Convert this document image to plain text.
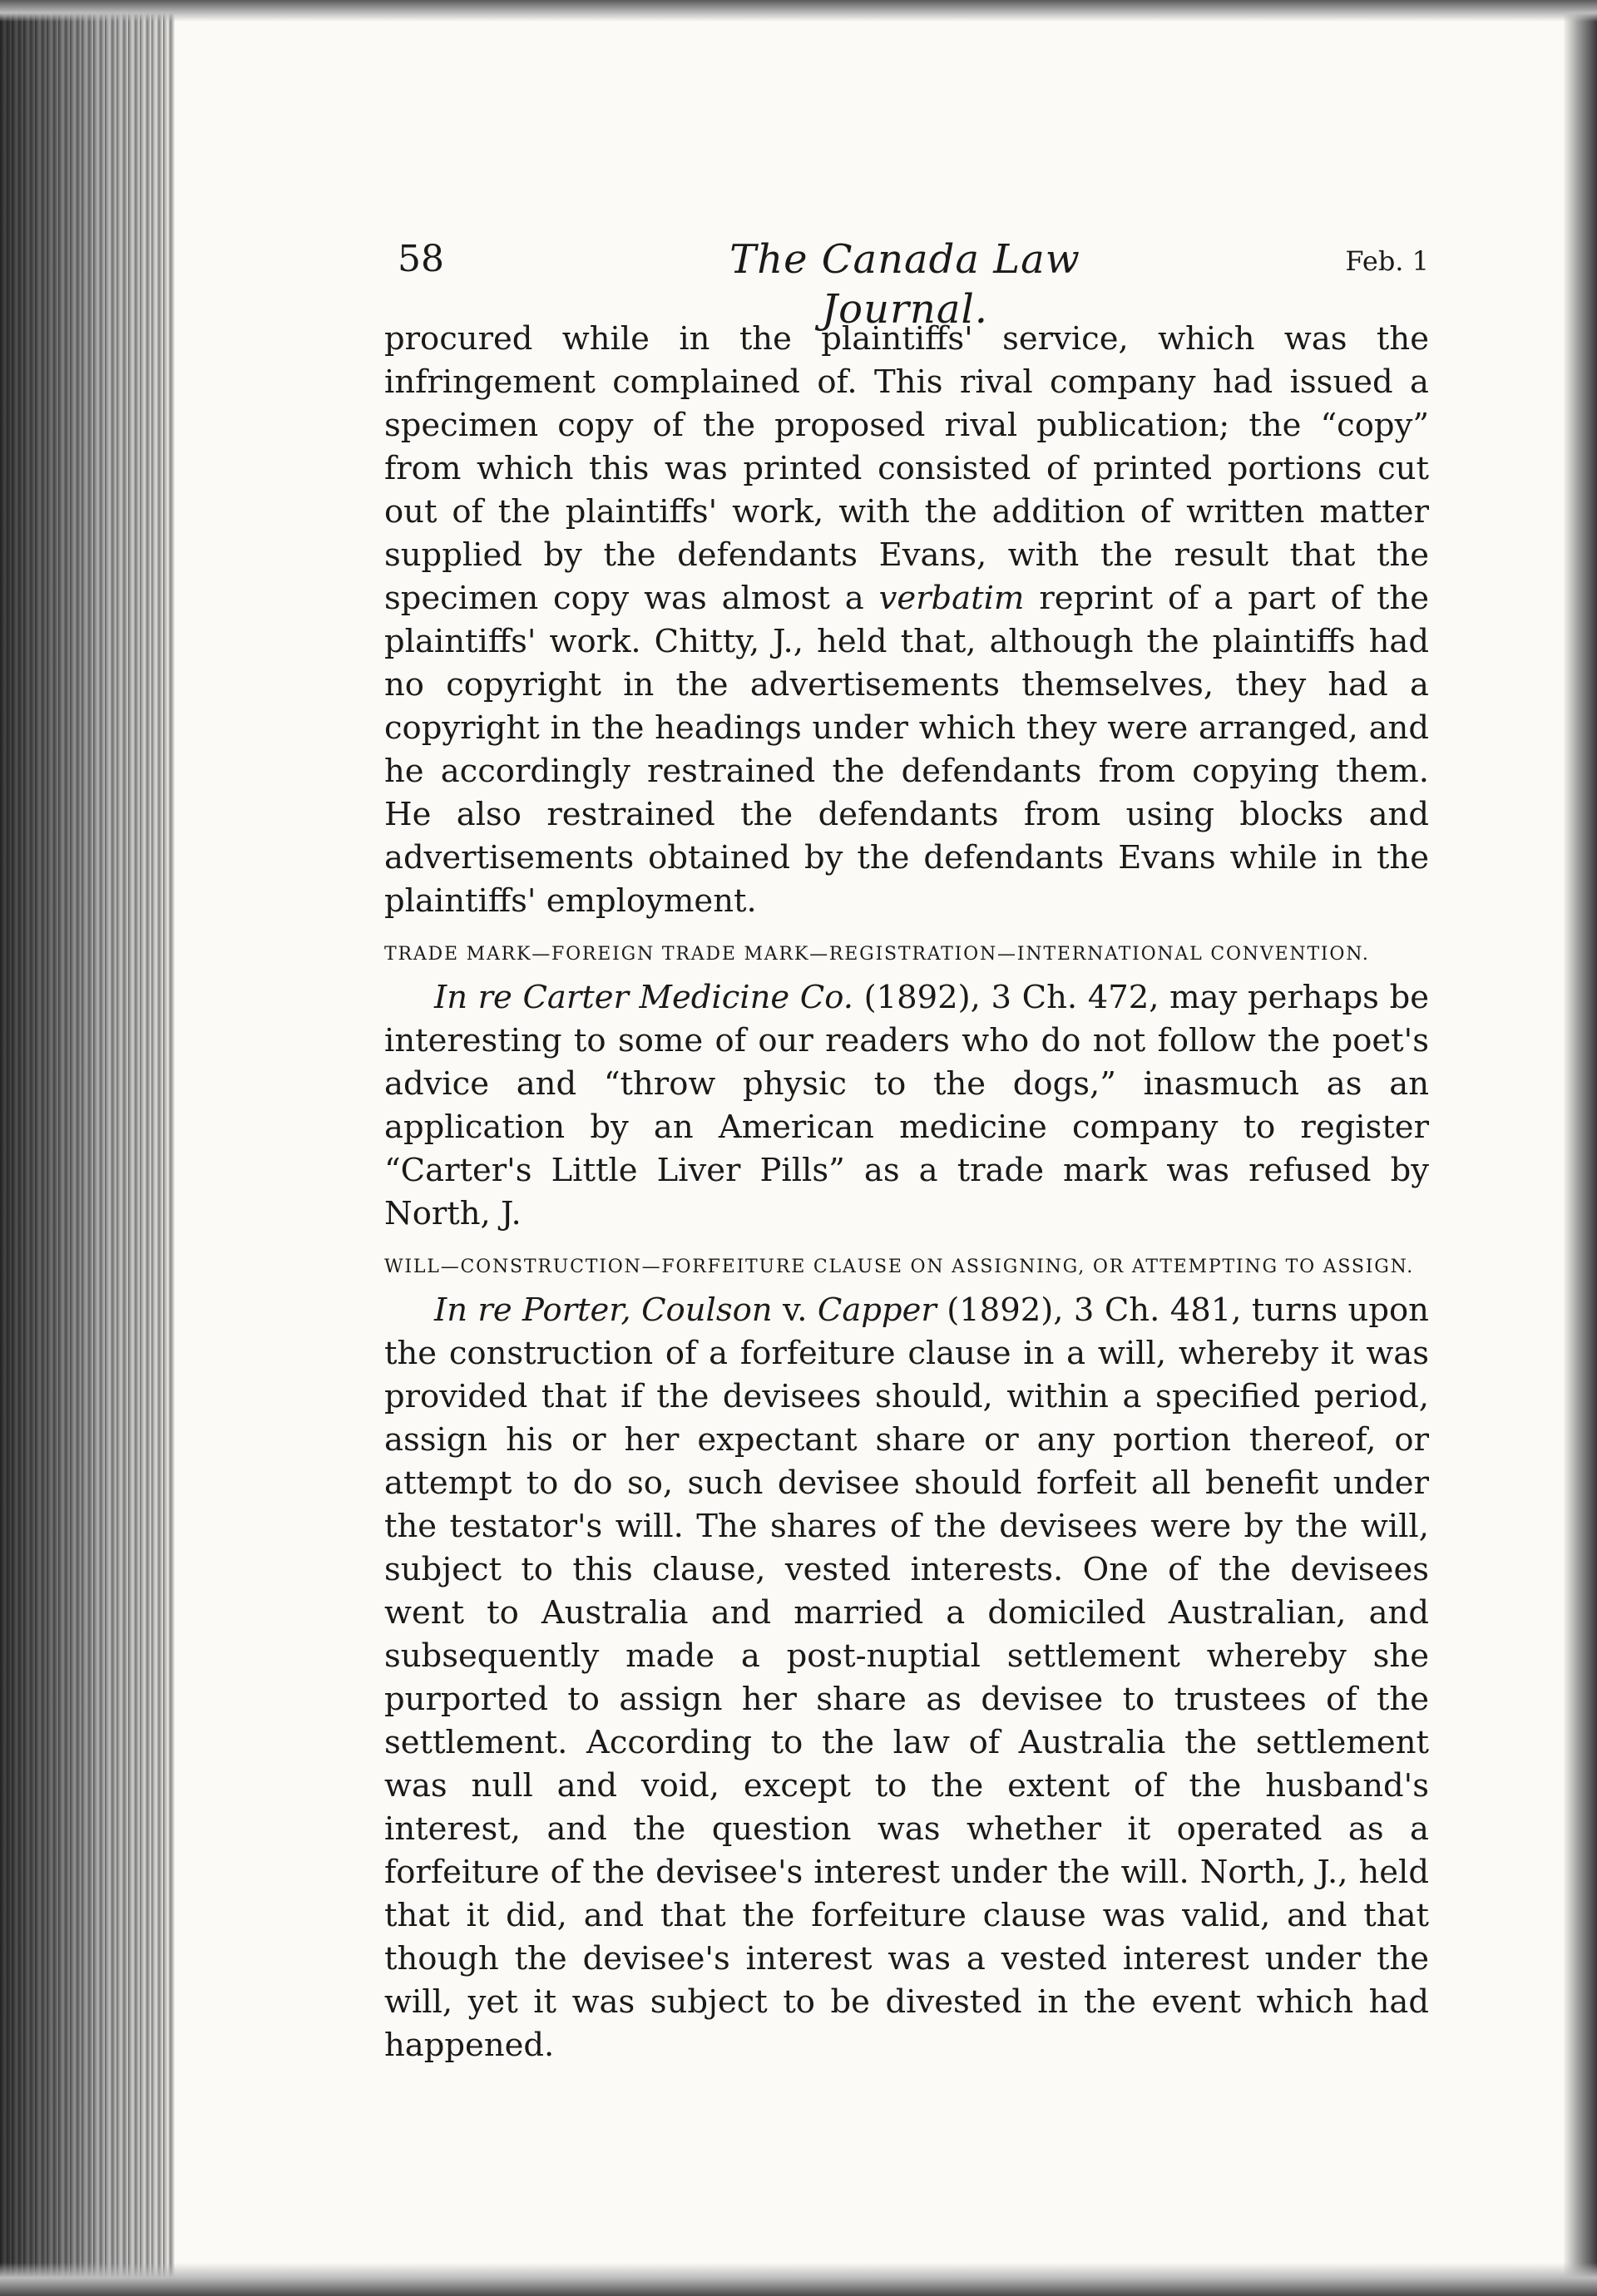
58	The Canada Law Journal.
Feb. 1

procured while in the plaintiffs' service, which was the infringement complained of. This rival company had issued a specimen copy of the proposed rival publication; the “copy” from which this was printed consisted of printed portions cut out of the plaintiffs' work, with the addition of written matter supplied by the defendants Evans, with the result that the specimen copy was almost a verbatim reprint of a part of the plaintiffs' work. Chitty, J., held that, although the plaintiffs had no copyright in the advertisements themselves, they had a copyright in the headings under which they were arranged, and he accordingly restrained the defendants from copying them. He also restrained the defendants from using blocks and advertisements obtained by the defendants Evans while in the plaintiffs' employment.

TRADE MARK—FOREIGN TRADE MARK—REGISTRATION—INTERNATIONAL CONVENTION.

In re Carter Medicine Co. (1892), 3 Ch. 472, may perhaps be interesting to some of our readers who do not follow the poet's advice and “throw physic to the dogs,” inasmuch as an application by an American medicine company to register “Carter's Little Liver Pills” as a trade mark was refused by North, J.

WILL—CONSTRUCTION—FORFEITURE CLAUSE ON ASSIGNING, OR ATTEMPTING TO ASSIGN.

In re Porter, Coulson v. Capper (1892), 3 Ch. 481, turns upon the construction of a forfeiture clause in a will, whereby it was provided that if the devisees should, within a specified period, assign his or her expectant share or any portion thereof, or attempt to do so, such devisee should forfeit all benefit under the testator's will. The shares of the devisees were by the will, subject to this clause, vested interests. One of the devisees went to Australia and married a domiciled Australian, and subsequently made a post-nuptial settlement whereby she purported to assign her share as devisee to trustees of the settlement. According to the law of Australia the settlement was null and void, except to the extent of the husband's interest, and the question was whether it operated as a forfeiture of the devisee's interest under the will. North, J., held that it did, and that the forfeiture clause was valid, and that though the devisee's interest was a vested interest under the will, yet it was subject to be divested in the event which had happened.
